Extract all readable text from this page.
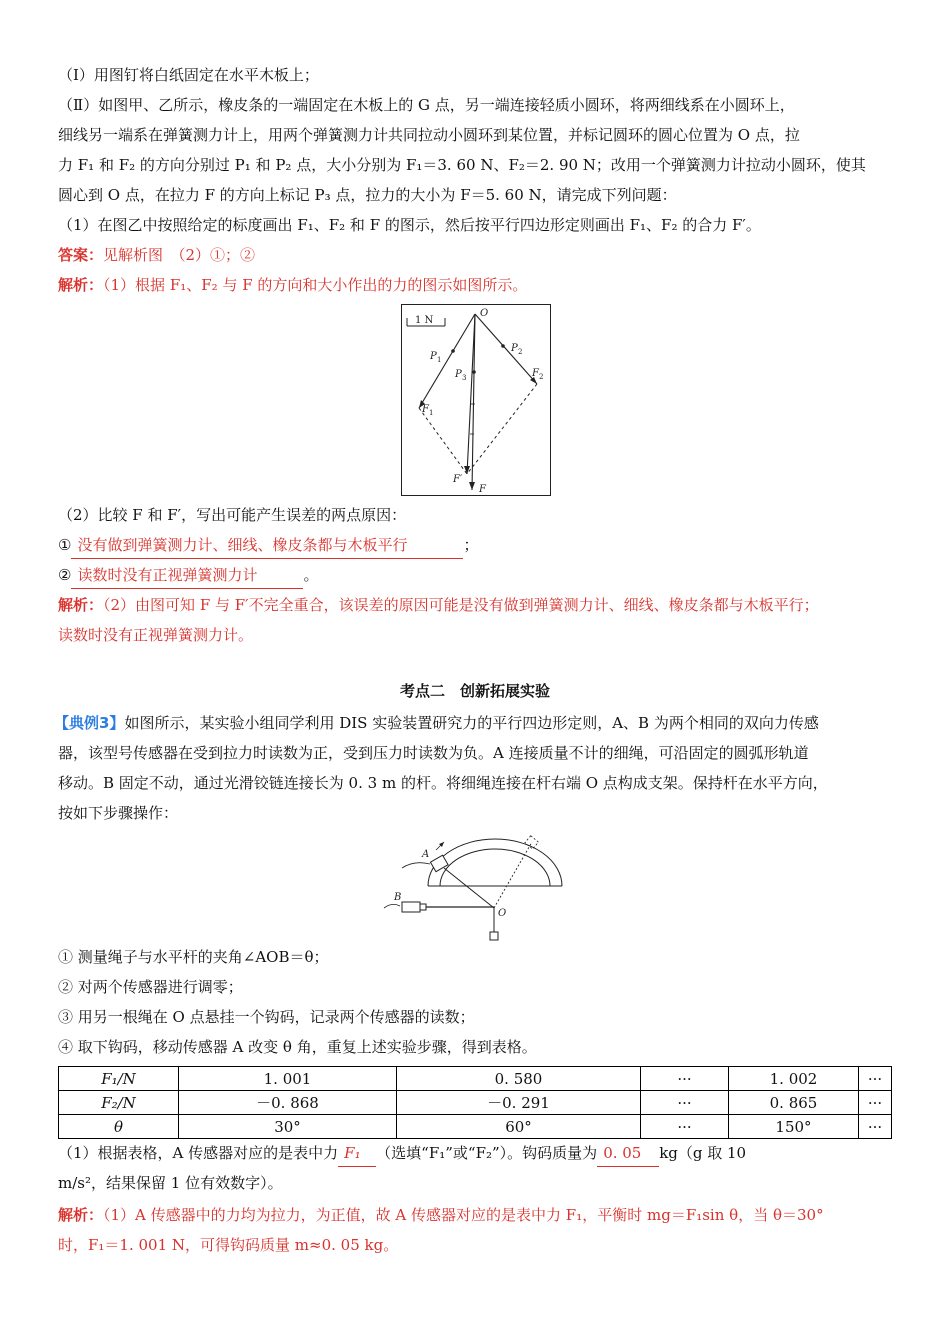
（Ⅰ）用图钉将白纸固定在水平木板上；
（Ⅱ）如图甲、乙所示，橡皮条的一端固定在木板上的 G 点，另一端连接轻质小圆环，将两细线系在小圆环上，
细线另一端系在弹簧测力计上，用两个弹簧测力计共同拉动小圆环到某位置，并标记圆环的圆心位置为 O 点，拉
力 F₁ 和 F₂ 的方向分别过 P₁ 和 P₂ 点，大小分别为 F₁＝3. 60 N、F₂＝2. 90 N；改用一个弹簧测力计拉动小圆环，使其
圆心到 O 点，在拉力 F 的方向上标记 P₃ 点，拉力的大小为 F＝5. 60 N，请完成下列问题：
（1）在图乙中按照给定的标度画出 F₁、F₂ 和 F 的图示，然后按平行四边形定则画出 F₁、F₂ 的合力 F′。
答案：见解析图　（2）①；②
解析：（1）根据 F₁、F₂ 与 F 的方向和大小作出的力的图示如图所示。
1 N
O
P 1
P 2
P 3
F 1
F 2
F′
F
（2）比较 F 和 F′，写出可能产生误差的两点原因：
① 没有做到弹簧测力计、细线、橡皮条都与木板平行	；
② 读数时没有正视弹簧测力计	。
解析：（2）由图可知 F 与 F′不完全重合，该误差的原因可能是没有做到弹簧测力计、细线、橡皮条都与木板平行；
读数时没有正视弹簧测力计。
考点二　创新拓展实验
【典例3】如图所示，某实验小组同学利用 DIS 实验装置研究力的平行四边形定则，A、B 为两个相同的双向力传感
器，该型号传感器在受到拉力时读数为正，受到压力时读数为负。A 连接质量不计的细绳，可沿固定的圆弧形轨道
移动。B 固定不动，通过光滑铰链连接长为 0. 3 m 的杆。将细绳连接在杆右端 O 点构成支架。保持杆在水平方向，
按如下步骤操作：
A
B
O
① 测量绳子与水平杆的夹角∠AOB＝θ；
② 对两个传感器进行调零；
③ 用另一根绳在 O 点悬挂一个钩码，记录两个传感器的读数；
④ 取下钩码，移动传感器 A 改变 θ 角，重复上述实验步骤，得到表格。
F₁/N	1. 001	0. 580	···	1. 002	···
F₂/N	－0. 868	－0. 291	···	0. 865	···
θ	30°	60°	···	150°	···
（1）根据表格，A 传感器对应的是表中力 F₁ （选填“F₁”或“F₂”）。钩码质量为 0. 05 kg（g 取 10
m/s²，结果保留 1 位有效数字）。
解析：（1）A 传感器中的力均为拉力，为正值，故 A 传感器对应的是表中力 F₁，平衡时 mg＝F₁sin θ，当 θ＝30°
时，F₁＝1. 001 N，可得钩码质量 m≈0. 05 kg。
